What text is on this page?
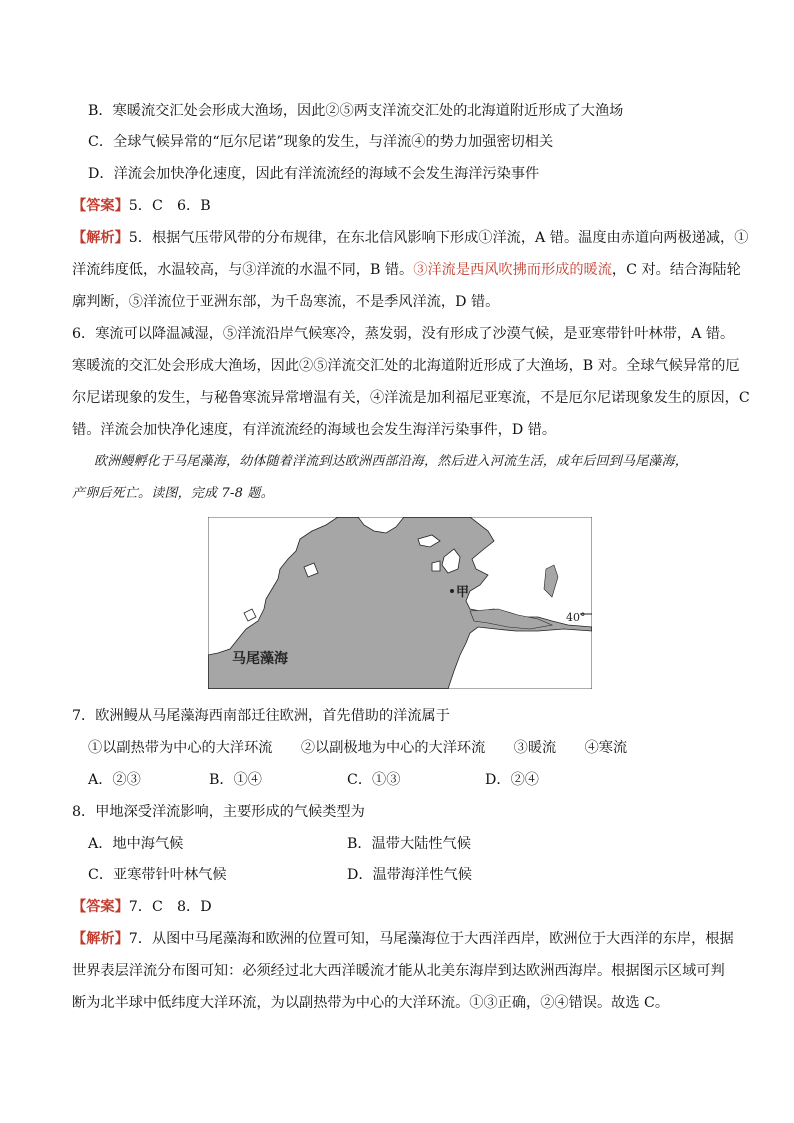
B．寒暖流交汇处会形成大渔场，因此②⑤两支洋流交汇处的北海道附近形成了大渔场
C．全球气候异常的“厄尔尼诺”现象的发生，与洋流④的势力加强密切相关
D．洋流会加快净化速度，因此有洋流流经的海域不会发生海洋污染事件
【答案】5．C　6．B
【解析】5．根据气压带风带的分布规律，在东北信风影响下形成①洋流，A 错。温度由赤道向两极递减，①
洋流纬度低，水温较高，与③洋流的水温不同，B 错。③洋流是西风吹拂而形成的暖流，C 对。结合海陆轮
廓判断，⑤洋流位于亚洲东部，为千岛寒流，不是季风洋流，D 错。
6．寒流可以降温减湿，⑤洋流沿岸气候寒冷，蒸发弱，没有形成了沙漠气候，是亚寒带针叶林带，A 错。
寒暖流的交汇处会形成大渔场，因此②⑤洋流交汇处的北海道附近形成了大渔场，B 对。全球气候异常的厄
尔尼诺现象的发生，与秘鲁寒流异常增温有关，④洋流是加利福尼亚寒流，不是厄尔尼诺现象发生的原因，C
错。洋流会加快净化速度，有洋流流经的海域也会发生海洋污染事件，D 错。
欧洲鳗孵化于马尾藻海，幼体随着洋流到达欧洲西部沿海，然后进入河流生活，成年后回到马尾藻海，
产卵后死亡。读图，完成 7-8 题。
40°
甲
马尾藻海
7．欧洲鳗从马尾藻海西南部迁往欧洲，首先借助的洋流属于
①以副热带为中心的大洋环流　　②以副极地为中心的大洋环流　　③暖流　　④寒流
A．②③	B．①④	C．①③	D．②④
8．甲地深受洋流影响，主要形成的气候类型为
A．地中海气候	B．温带大陆性气候
C．亚寒带针叶林气候	D．温带海洋性气候
【答案】7．C　8．D
【解析】7．从图中马尾藻海和欧洲的位置可知，马尾藻海位于大西洋西岸，欧洲位于大西洋的东岸，根据
世界表层洋流分布图可知：必须经过北大西洋暖流才能从北美东海岸到达欧洲西海岸。根据图示区域可判
断为北半球中低纬度大洋环流，为以副热带为中心的大洋环流。①③正确，②④错误。故选 C。
